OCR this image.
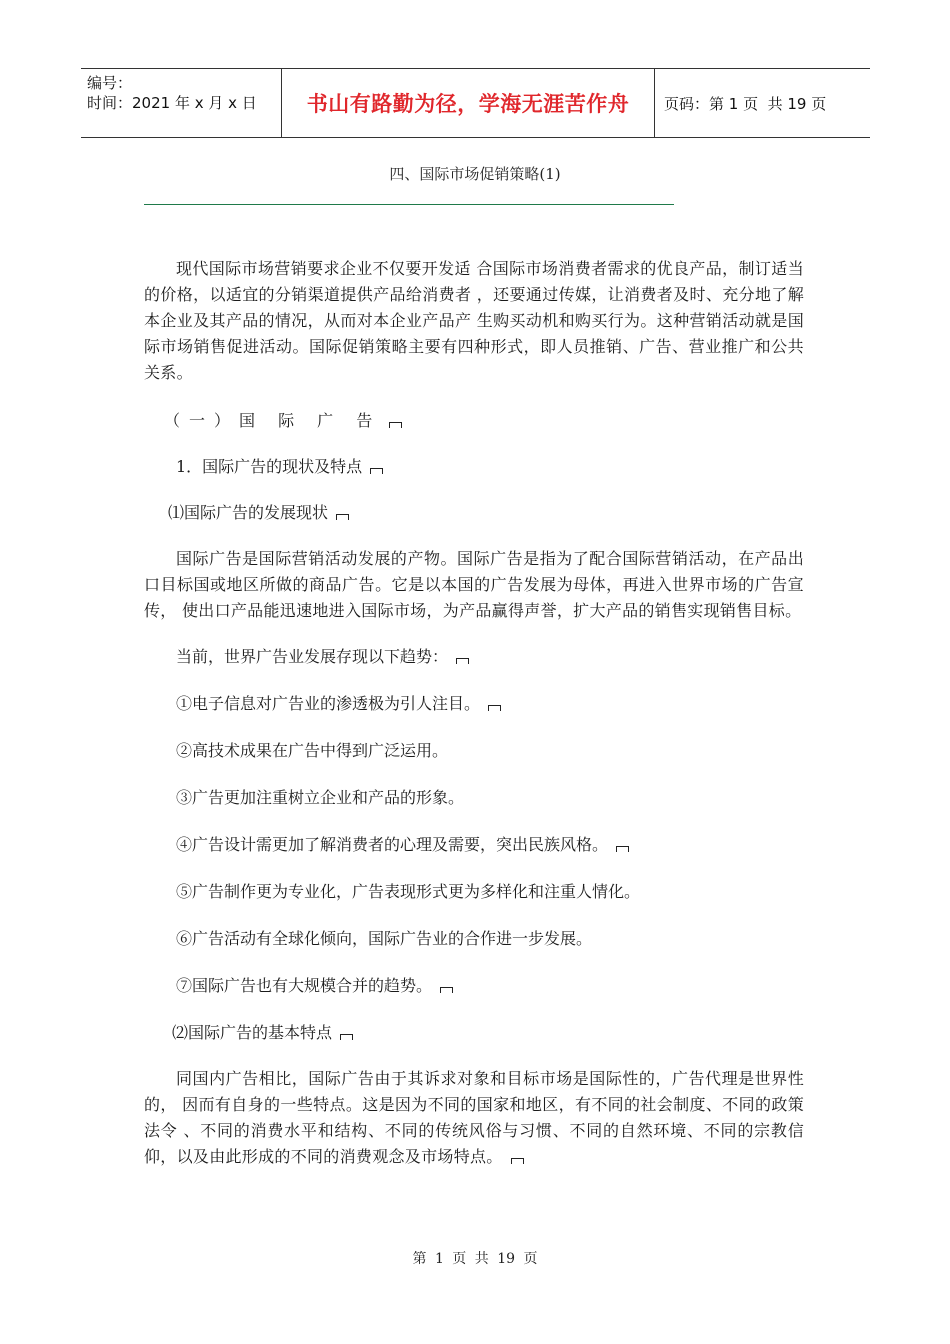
编号：
时间：2021 年 x 月 x 日	书山有路勤为径，学海无涯苦作舟 页码：第 1 页  共 19 页
四、国际市场促销策略(1)

现代国际市场营销要求企业不仅要开发适 合国际市场消费者需求的优良产品，制订适当的价格，以适宜的分销渠道提供产品给消费者 ，还要通过传媒，让消费者及时、充分地了解本企业及其产品的情况，从而对本企业产品产 生购买动机和购买行为。这种营销活动就是国际市场销售促进活动。国际促销策略主要有四种形式，即人员推销、广告、营业推广和公共关系。

（一）国 际 广 告

1．国际广告的现状及特点

⑴国际广告的发展现状

国际广告是国际营销活动发展的产物。国际广告是指为了配合国际营销活动，在产品出口目标国或地区所做的商品广告。它是以本国的广告发展为母体，再进入世界市场的广告宣传， 使出口产品能迅速地进入国际市场，为产品赢得声誉，扩大产品的销售实现销售目标。

当前，世界广告业发展存现以下趋势：

①电子信息对广告业的渗透极为引人注目。

②高技术成果在广告中得到广泛运用。

③广告更加注重树立企业和产品的形象。

④广告设计需更加了解消费者的心理及需要，突出民族风格。

⑤广告制作更为专业化，广告表现形式更为多样化和注重人情化。

⑥广告活动有全球化倾向，国际广告业的合作进一步发展。

⑦国际广告也有大规模合并的趋势。

⑵国际广告的基本特点

同国内广告相比，国际广告由于其诉求对象和目标市场是国际性的，广告代理是世界性的， 因而有自身的一些特点。这是因为不同的国家和地区，有不同的社会制度、不同的政策法令 、不同的消费水平和结构、不同的传统风俗与习惯、不同的自然环境、不同的宗教信仰，以及由此形成的不同的消费观念及市场特点。

第 1 页 共 19 页
